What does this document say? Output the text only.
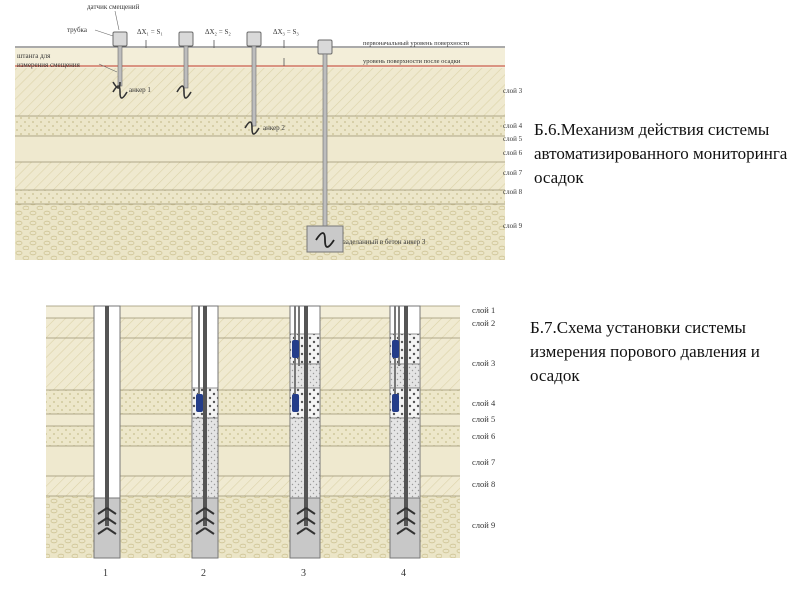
первоначальный уровень поверхности
уровень поверхности после осадки
ΔX₁ = S₁	ΔX₂ = S₂	ΔX₃ = S₃
датчик смещений
трубка
штанга для
измерения смещения
анкер 1
анкер 2
заделанный в бетон анкер 3
слой 3
слой 4
слой 5
слой 6
слой 7
слой 8
слой 9
Б.6.Механизм действия системы автоматизированного мониторинга осадок
слой 1
слой 2
слой 3
слой 4
слой 5
слой 6
слой 7
слой 8
слой 9
1	2	3	4
Б.7.Схема установки системы измерения порового давления и осадок
